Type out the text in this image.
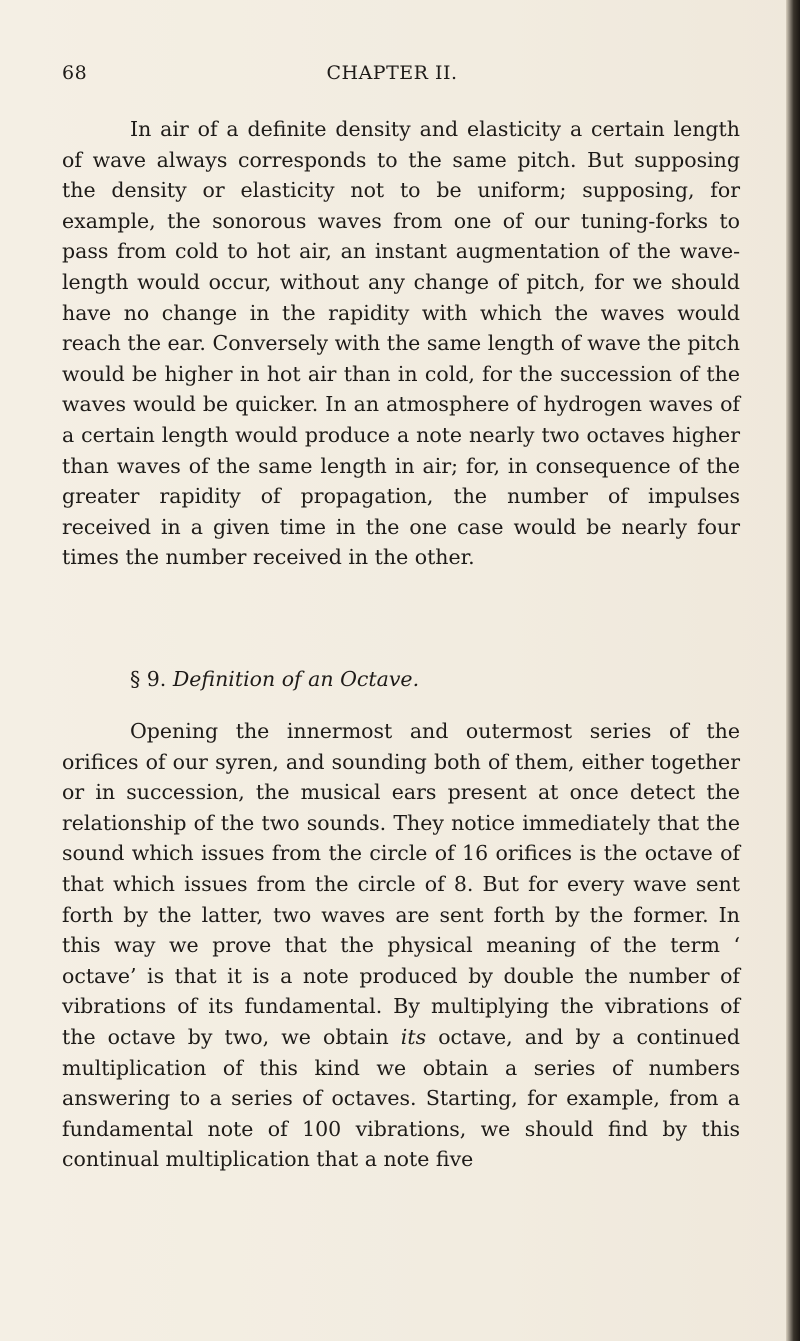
68	CHAPTER II.

In air of a definite density and elasticity a certain length of wave always corresponds to the same pitch. But supposing the density or elasticity not to be uniform; supposing, for example, the sonorous waves from one of our tuning-forks to pass from cold to hot air, an instant augmentation of the wave-length would occur, without any change of pitch, for we should have no change in the rapidity with which the waves would reach the ear. Conversely with the same length of wave the pitch would be higher in hot air than in cold, for the succession of the waves would be quicker. In an atmosphere of hydrogen waves of a certain length would produce a note nearly two octaves higher than waves of the same length in air; for, in consequence of the greater rapidity of propagation, the number of impulses received in a given time in the one case would be nearly four times the number received in the other.

§ 9. Definition of an Octave.

Opening the innermost and outermost series of the orifices of our syren, and sounding both of them, either together or in succession, the musical ears present at once detect the relationship of the two sounds. They notice immediately that the sound which issues from the circle of 16 orifices is the octave of that which issues from the circle of 8. But for every wave sent forth by the latter, two waves are sent forth by the former. In this way we prove that the physical meaning of the term ‘ octave’ is that it is a note produced by double the number of vibrations of its fundamental. By multiplying the vibrations of the octave by two, we obtain its octave, and by a continued multiplication of this kind we obtain a series of numbers answering to a series of octaves. Starting, for example, from a fundamental note of 100 vibrations, we should find by this continual multiplication that a note five
